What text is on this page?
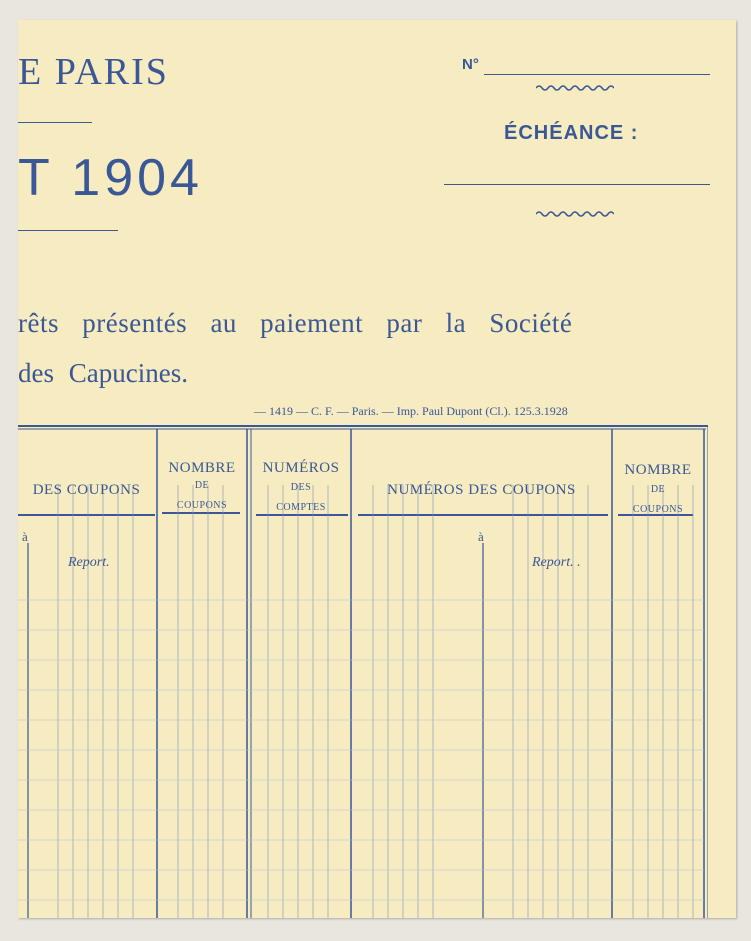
E PARIS
T 1904
N°
ÉCHÉANCE :
rêts présentés au paiement par la Société
des Capucines.
— 1419 — C. F. — Paris. — Imp. Paul Dupont (Cl.). 125.3.1928
DES COUPONS
NOMBRE
DE
COUPONS
NUMÉROS
DES
COMPTES
NUMÉROS DES COUPONS
NOMBRE
DE
COUPONS
à	à
Report.	Report. .
